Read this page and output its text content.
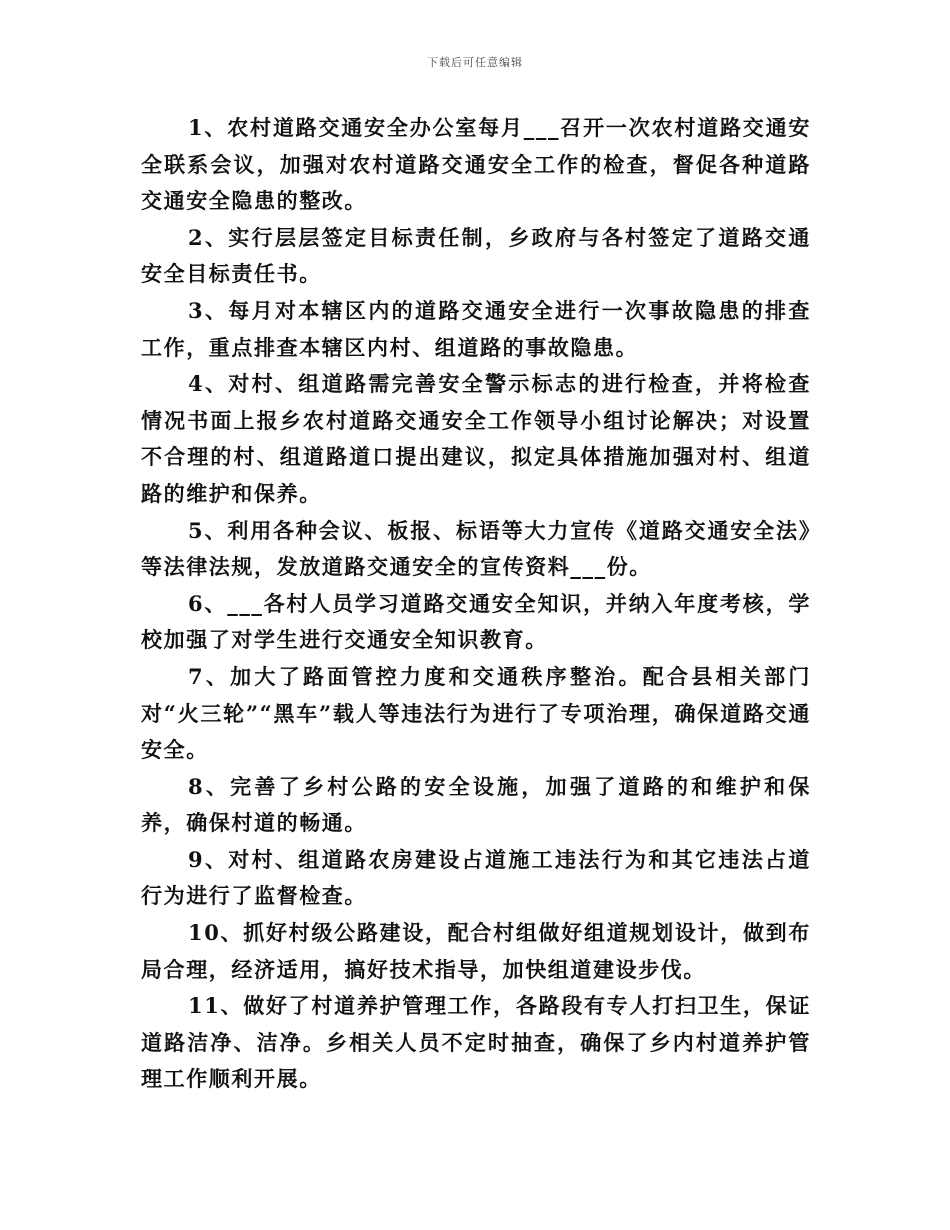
下载后可任意编辑

1、农村道路交通安全办公室每月___召开一次农村道路交通安全联系会议，加强对农村道路交通安全工作的检查，督促各种道路交通安全隐患的整改。

2、实行层层签定目标责任制，乡政府与各村签定了道路交通安全目标责任书。

3、每月对本辖区内的道路交通安全进行一次事故隐患的排查工作，重点排查本辖区内村、组道路的事故隐患。

4、对村、组道路需完善安全警示标志的进行检查，并将检查情况书面上报乡农村道路交通安全工作领导小组讨论解决；对设置不合理的村、组道路道口提出建议，拟定具体措施加强对村、组道路的维护和保养。

5、利用各种会议、板报、标语等大力宣传《道路交通安全法》等法律法规，发放道路交通安全的宣传资料___份。

6、___各村人员学习道路交通安全知识，并纳入年度考核，学校加强了对学生进行交通安全知识教育。

7、加大了路面管控力度和交通秩序整治。配合县相关部门对“火三轮”“黑车”载人等违法行为进行了专项治理，确保道路交通安全。

8、完善了乡村公路的安全设施，加强了道路的和维护和保养，确保村道的畅通。

9、对村、组道路农房建设占道施工违法行为和其它违法占道行为进行了监督检查。

10、抓好村级公路建设，配合村组做好组道规划设计，做到布局合理，经济适用，搞好技术指导，加快组道建设步伐。

11、做好了村道养护管理工作，各路段有专人打扫卫生，保证道路洁净、洁净。乡相关人员不定时抽查，确保了乡内村道养护管理工作顺利开展。
